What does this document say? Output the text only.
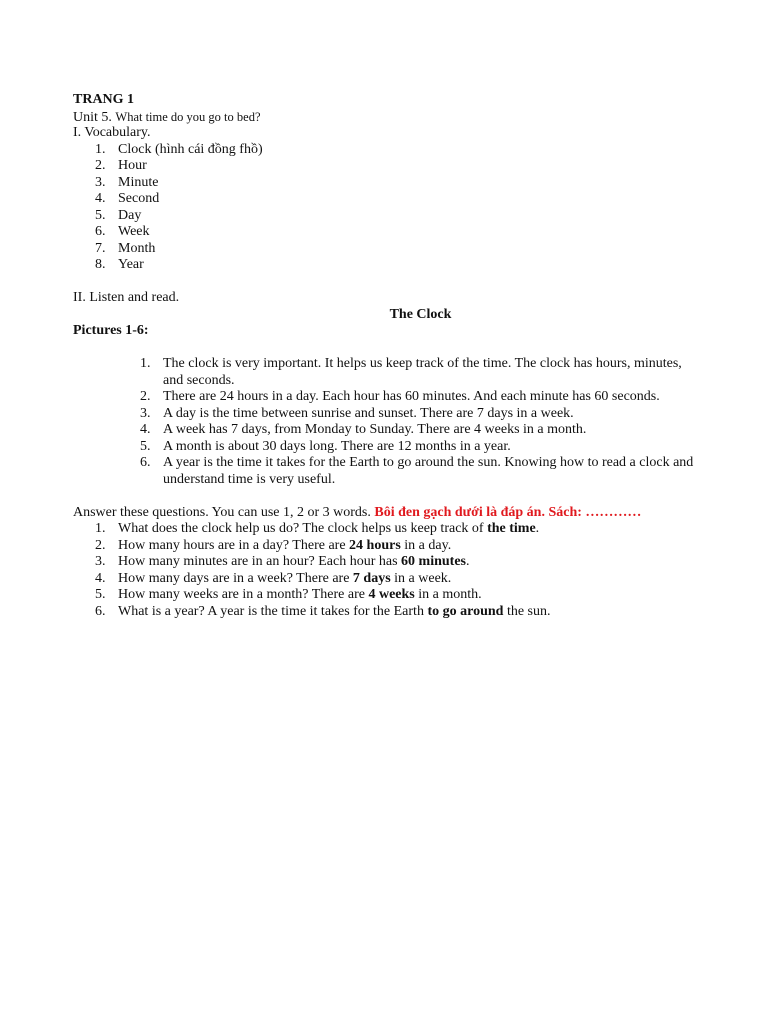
TRANG 1
Unit 5. What time do you go to bed?
I. Vocabulary.
1. Clock (hình cái đồng fhồ)
2. Hour
3. Minute
4. Second
5. Day
6. Week
7. Month
8. Year
II. Listen and read.
The Clock
Pictures 1-6:
1. The clock is very important. It helps us keep track of the time. The clock has hours, minutes, and seconds.
2. There are 24 hours in a day. Each hour has 60 minutes. And each minute has 60 seconds.
3. A day is the time between sunrise and sunset. There are 7 days in a week.
4. A week has 7 days, from Monday to Sunday. There are 4 weeks in a month.
5. A month is about 30 days long. There are 12 months in a year.
6. A year is the time it takes for the Earth to go around the sun. Knowing how to read a clock and understand time is very useful.
Answer these questions. You can use 1, 2 or 3 words. Bôi đen gạch dưới là đáp án. Sách: …………
1. What does the clock help us do? The clock helps us keep track of the time.
2. How many hours are in a day? There are 24 hours in a day.
3. How many minutes are in an hour? Each hour has 60 minutes.
4. How many days are in a week? There are 7 days in a week.
5. How many weeks are in a month? There are 4 weeks in a month.
6. What is a year? A year is the time it takes for the Earth to go around the sun.
